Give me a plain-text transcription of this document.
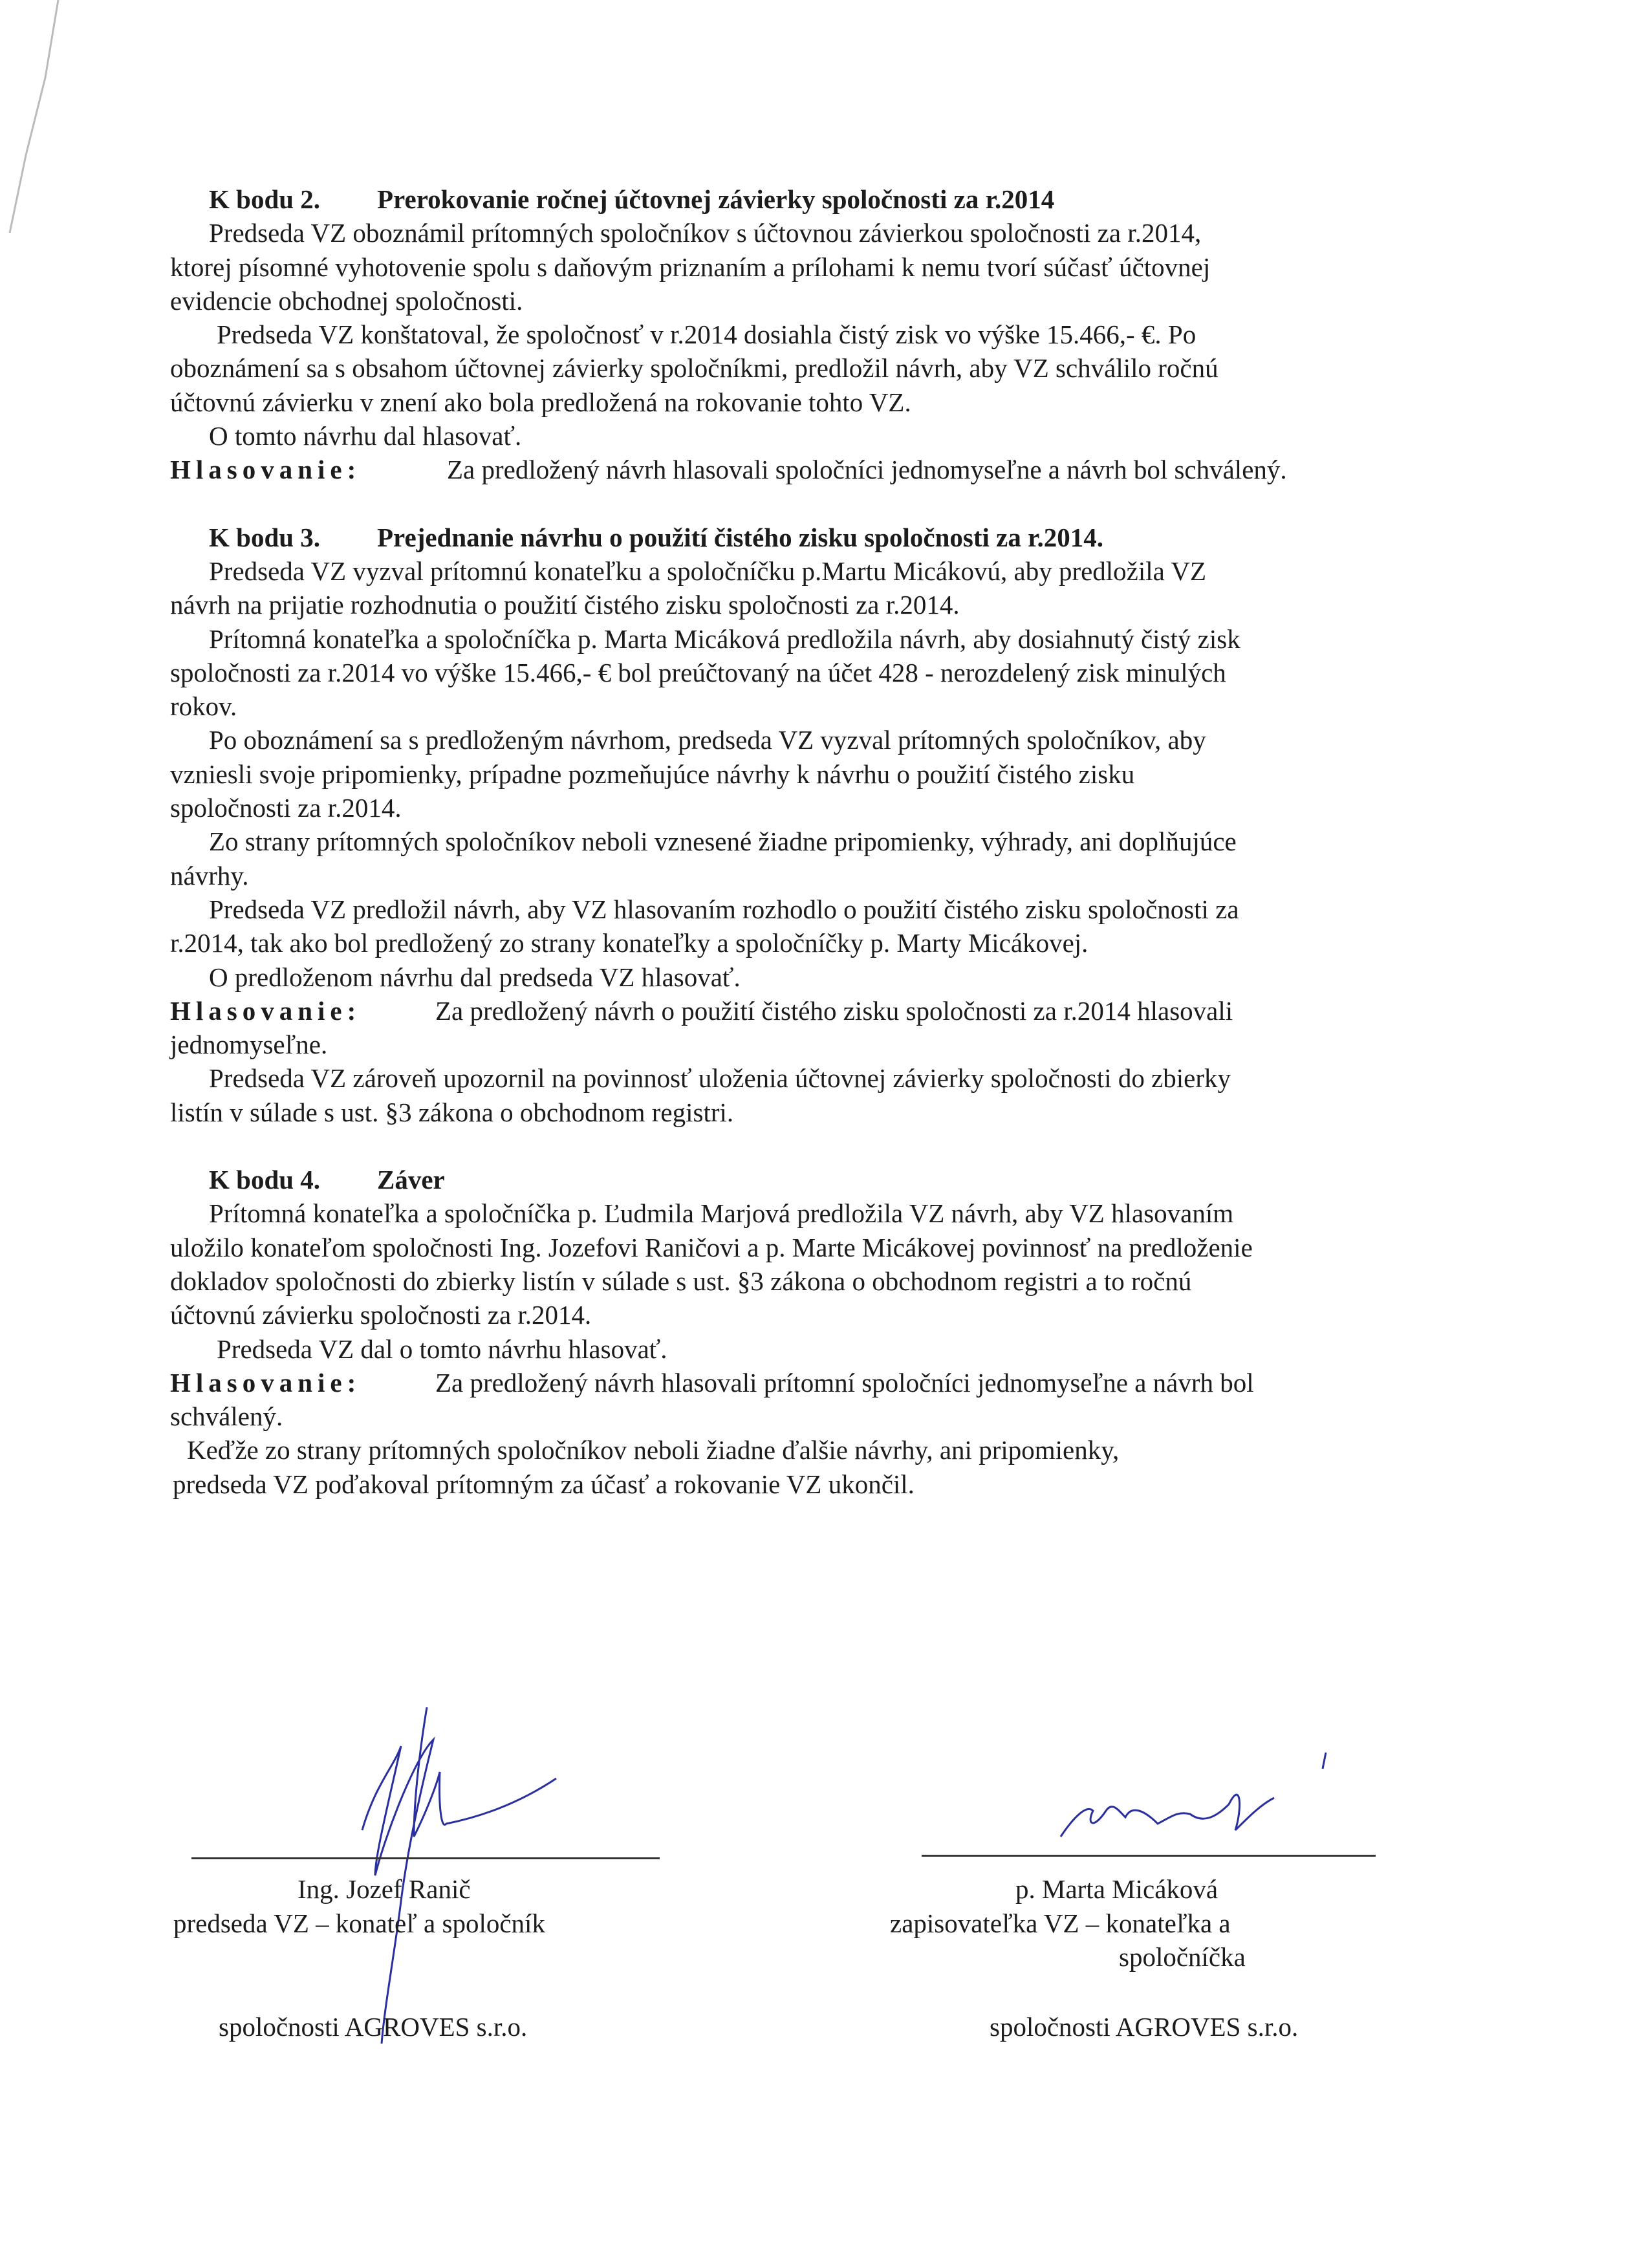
K bodu 2. Prerokovanie ročnej účtovnej závierky spoločnosti za r.2014
Predseda VZ oboznámil prítomných spoločníkov s účtovnou závierkou spoločnosti za r.2014,
ktorej písomné vyhotovenie spolu s daňovým priznaním a prílohami k nemu tvorí súčasť účtovnej
evidencie obchodnej spoločnosti.
Predseda VZ konštatoval, že spoločnosť v r.2014 dosiahla čistý zisk vo výške 15.466,- €. Po
oboznámení sa s obsahom účtovnej závierky spoločníkmi, predložil návrh, aby VZ schválilo ročnú
účtovnú závierku v znení ako bola predložená na rokovanie tohto VZ.
O tomto návrhu dal hlasovať.
Hlasovanie:	Za predložený návrh hlasovali spoločníci jednomyseľne a návrh bol schválený.
K bodu 3. Prejednanie návrhu o použití čistého zisku spoločnosti za r.2014.
Predseda VZ vyzval prítomnú konateľku a spoločníčku p.Martu Micákovú, aby predložila VZ
návrh na prijatie rozhodnutia o použití čistého zisku spoločnosti za r.2014.
Prítomná konateľka a spoločníčka p. Marta Micáková predložila návrh, aby dosiahnutý čistý zisk
spoločnosti za r.2014 vo výške 15.466,- € bol preúčtovaný na účet 428 - nerozdelený zisk minulých
rokov.
Po oboznámení sa s predloženým návrhom, predseda VZ vyzval prítomných spoločníkov, aby
vzniesli svoje pripomienky, prípadne pozmeňujúce návrhy k návrhu o použití čistého zisku
spoločnosti za r.2014.
Zo strany prítomných spoločníkov neboli vznesené žiadne pripomienky, výhrady, ani doplňujúce
návrhy.
Predseda VZ predložil návrh, aby VZ hlasovaním rozhodlo o použití čistého zisku spoločnosti za
r.2014, tak ako bol predložený zo strany konateľky a spoločníčky p. Marty Micákovej.
O predloženom návrhu dal predseda VZ hlasovať.
Hlasovanie:	Za predložený návrh o použití čistého zisku spoločnosti za r.2014 hlasovali
jednomyseľne.
Predseda VZ zároveň upozornil na povinnosť uloženia účtovnej závierky spoločnosti do zbierky
listín v súlade s ust. §3 zákona o obchodnom registri.
K bodu 4. Záver
Prítomná konateľka a spoločníčka p. Ľudmila Marjová predložila VZ návrh, aby VZ hlasovaním
uložilo konateľom spoločnosti Ing. Jozefovi Raničovi a p. Marte Micákovej povinnosť na predloženie
dokladov spoločnosti do zbierky listín v súlade s ust. §3 zákona o obchodnom registri a to ročnú
účtovnú závierku spoločnosti za r.2014.
Predseda VZ dal o tomto návrhu hlasovať.
Hlasovanie:	Za predložený návrh hlasovali prítomní spoločníci jednomyseľne a návrh bol
schválený.
Keďže zo strany prítomných spoločníkov neboli žiadne ďalšie návrhy, ani pripomienky,
predseda VZ poďakoval prítomným za účasť a rokovanie VZ ukončil.
Ing. Jozef Ranič
predseda VZ – konateľ a spoločník
spoločnosti AGROVES s.r.o.
p. Marta Micáková
zapisovateľka VZ – konateľka a
spoločníčka
spoločnosti AGROVES s.r.o.
